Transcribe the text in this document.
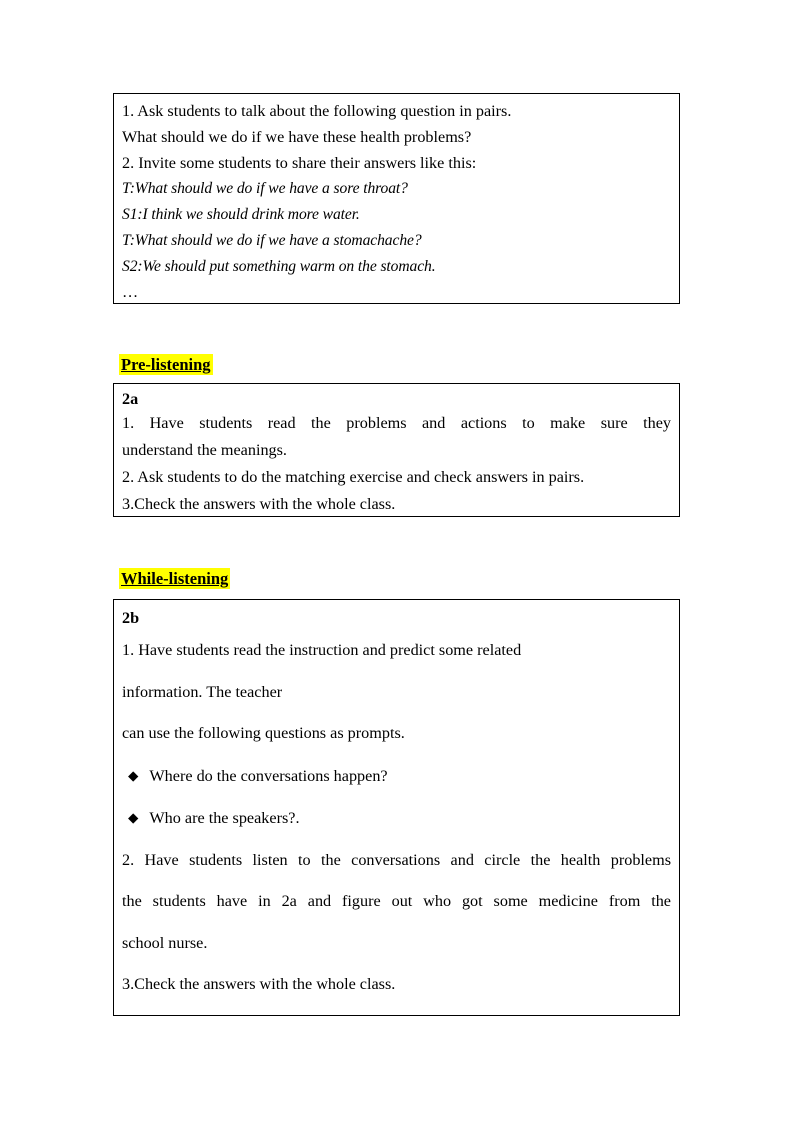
1. Ask students to talk about the following question in pairs.
What should we do if we have these health problems?
2. Invite some students to share their answers like this:
T:What should we do if we have a sore throat?
S1:I think we should drink more water.
T:What should we do if we have a stomachache?
S2:We should put something warm on the stomach.
…
Pre-listening
2a
1. Have students read the problems and actions to make sure they
understand the meanings.
2. Ask students to do the matching exercise and check answers in pairs.
3.Check the answers with the whole class.
While-listening
2b
1. Have students read the instruction and predict some related
information. The teacher
can use the following questions as prompts.
◆ Where do the conversations happen?
◆ Who are the speakers?.
2. Have students listen to the conversations and circle the health problems
the students have in 2a and figure out who got some medicine from the
school nurse.
3.Check the answers with the whole class.
